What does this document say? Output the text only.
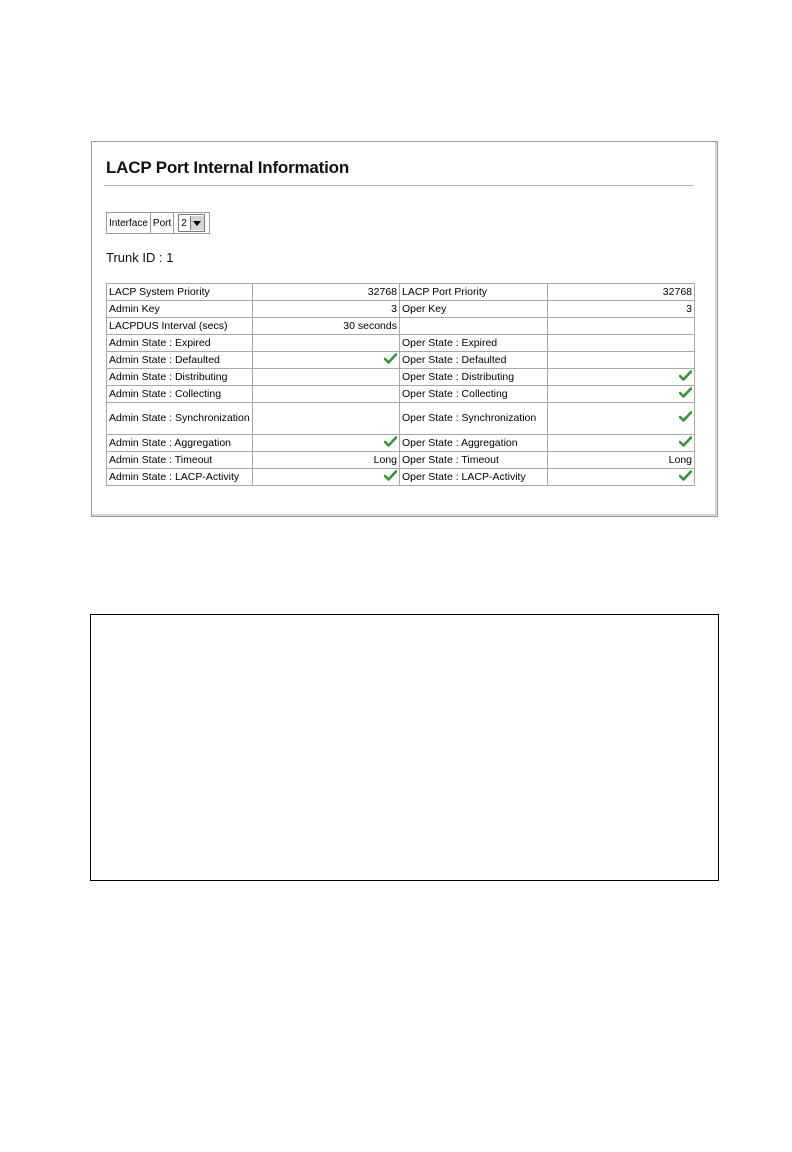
LACP Port Internal Information
Interface Port	2
Trunk ID : 1
LACP System Priority	32768	LACP Port Priority	32768
Admin Key	3	Oper Key	3
LACPDUS Interval (secs)	30 seconds		
Admin State : Expired		Oper State : Expired	
Admin State : Defaulted		Oper State : Defaulted	
Admin State : Distributing		Oper State : Distributing	
Admin State : Collecting		Oper State : Collecting	
Admin State : Synchronization		Oper State : Synchronization	
Admin State : Aggregation		Oper State : Aggregation	
Admin State : Timeout	Long	Oper State : Timeout	Long
Admin State : LACP-Activity		Oper State : LACP-Activity	
